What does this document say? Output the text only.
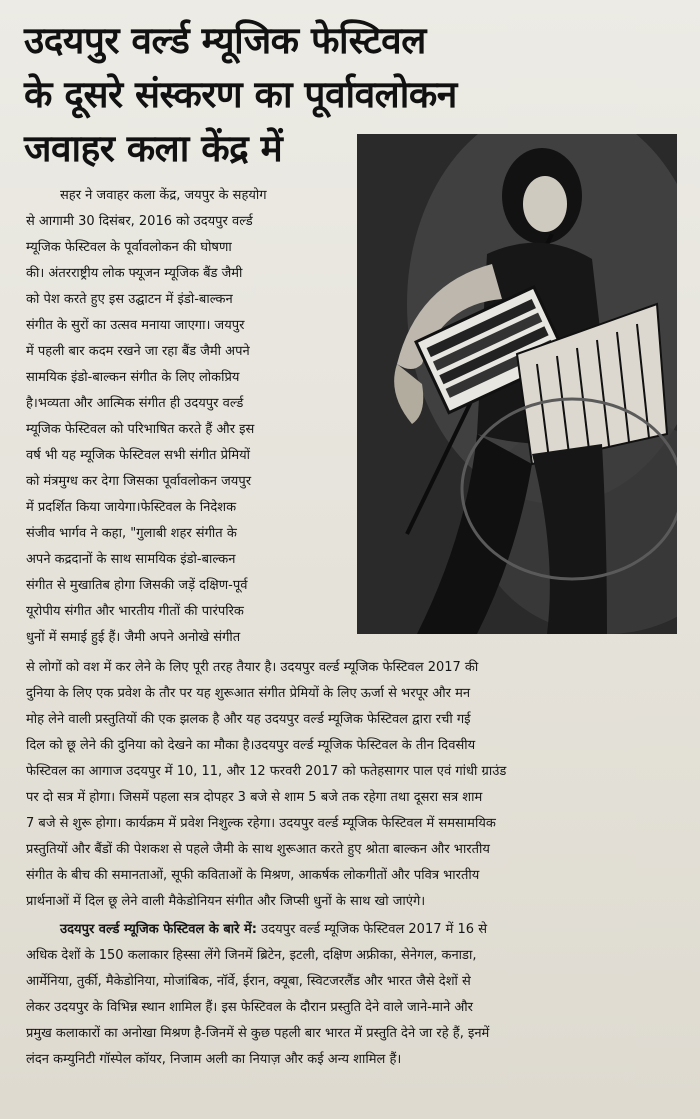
उदयपुर वर्ल्ड म्यूजिक फेस्टिवल
के दूसरे संस्करण का पूर्वावलोकन
जवाहर कला केंद्र में
सहर ने जवाहर कला केंद्र, जयपुर के सहयोग
से आगामी 30 दिसंबर, 2016 को उदयपुर वर्ल्ड
म्यूजिक फेस्टिवल के पूर्वावलोकन की घोषणा
की। अंतरराष्ट्रीय लोक फ्यूजन म्यूजिक बैंड जैमी
को पेश करते हुए इस उद्घाटन में इंडो-बाल्कन
संगीत के सुरों का उत्सव मनाया जाएगा। जयपुर
में पहली बार कदम रखने जा रहा बैंड जैमी अपने
सामयिक इंडो-बाल्कन संगीत के लिए लोकप्रिय
है।भव्यता और आत्मिक संगीत ही उदयपुर वर्ल्ड
म्यूजिक फेस्टिवल को परिभाषित करते हैं और इस
वर्ष भी यह म्यूजिक फेस्टिवल सभी संगीत प्रेमियों
को मंत्रमुग्ध कर देगा जिसका पूर्वावलोकन जयपुर
में प्रदर्शित किया जायेगा।फेस्टिवल के निदेशक
संजीव भार्गव ने कहा, "गुलाबी शहर संगीत के
अपने कद्रदानों के साथ सामयिक इंडो-बाल्कन
संगीत से मुखातिब होगा जिसकी जड़ें दक्षिण-पूर्व
यूरोपीय संगीत और भारतीय गीतों की पारंपरिक
धुनों में समाई हुई हैं। जैमी अपने अनोखे संगीत
से लोगों को वश में कर लेने के लिए पूरी तरह तैयार है। उदयपुर वर्ल्ड म्यूजिक फेस्टिवल 2017 की
दुनिया के लिए एक प्रवेश के तौर पर यह शुरूआत संगीत प्रेमियों के लिए ऊर्जा से भरपूर और मन
मोह लेने वाली प्रस्तुतियों की एक झलक है और यह उदयपुर वर्ल्ड म्यूजिक फेस्टिवल द्वारा रची गई
दिल को छू लेने की दुनिया को देखने का मौका है।उदयपुर वर्ल्ड म्यूजिक फेस्टिवल के तीन दिवसीय
फेस्टिवल का आगाज उदयपुर में 10, 11, और 12 फरवरी 2017 को फतेहसागर पाल एवं गांधी ग्राउंड
पर दो सत्र में होगा। जिसमें पहला सत्र दोपहर 3 बजे से शाम 5 बजे तक रहेगा तथा दूसरा सत्र शाम
7 बजे से शुरू होगा। कार्यक्रम में प्रवेश निशुल्क रहेगा। उदयपुर वर्ल्ड म्यूजिक फेस्टिवल में समसामयिक
प्रस्तुतियों और बैंडों की पेशकश से पहले जैमी के साथ शुरूआत करते हुए श्रोता बाल्कन और भारतीय
संगीत के बीच की समानताओं, सूफी कविताओं के मिश्रण, आकर्षक लोकगीतों और पवित्र भारतीय
प्रार्थनाओं में दिल छू लेने वाली मैकेडोनियन संगीत और जिप्सी धुनों के साथ खो जाएंगे।
उदयपुर वर्ल्ड म्यूजिक फेस्टिवल के बारे में: उदयपुर वर्ल्ड म्यूजिक फेस्टिवल 2017 में 16 से
अधिक देशों के 150 कलाकार हिस्सा लेंगे जिनमें ब्रिटेन, इटली, दक्षिण अफ्रीका, सेनेगल, कनाडा,
आर्मेनिया, तुर्की, मैकेडोनिया, मोजांबिक, नॉर्वे, ईरान, क्यूबा, स्विटजरलैंड और भारत जैसे देशों से
लेकर उदयपुर के विभिन्न स्थान शामिल हैं। इस फेस्टिवल के दौरान प्रस्तुति देने वाले जाने-माने और
प्रमुख कलाकारों का अनोखा मिश्रण है-जिनमें से कुछ पहली बार भारत में प्रस्तुति देने जा रहे हैं, इनमें
लंदन कम्युनिटी गॉस्पेल कॉयर, निजाम अली का नियाज़ और कई अन्य शामिल हैं।
